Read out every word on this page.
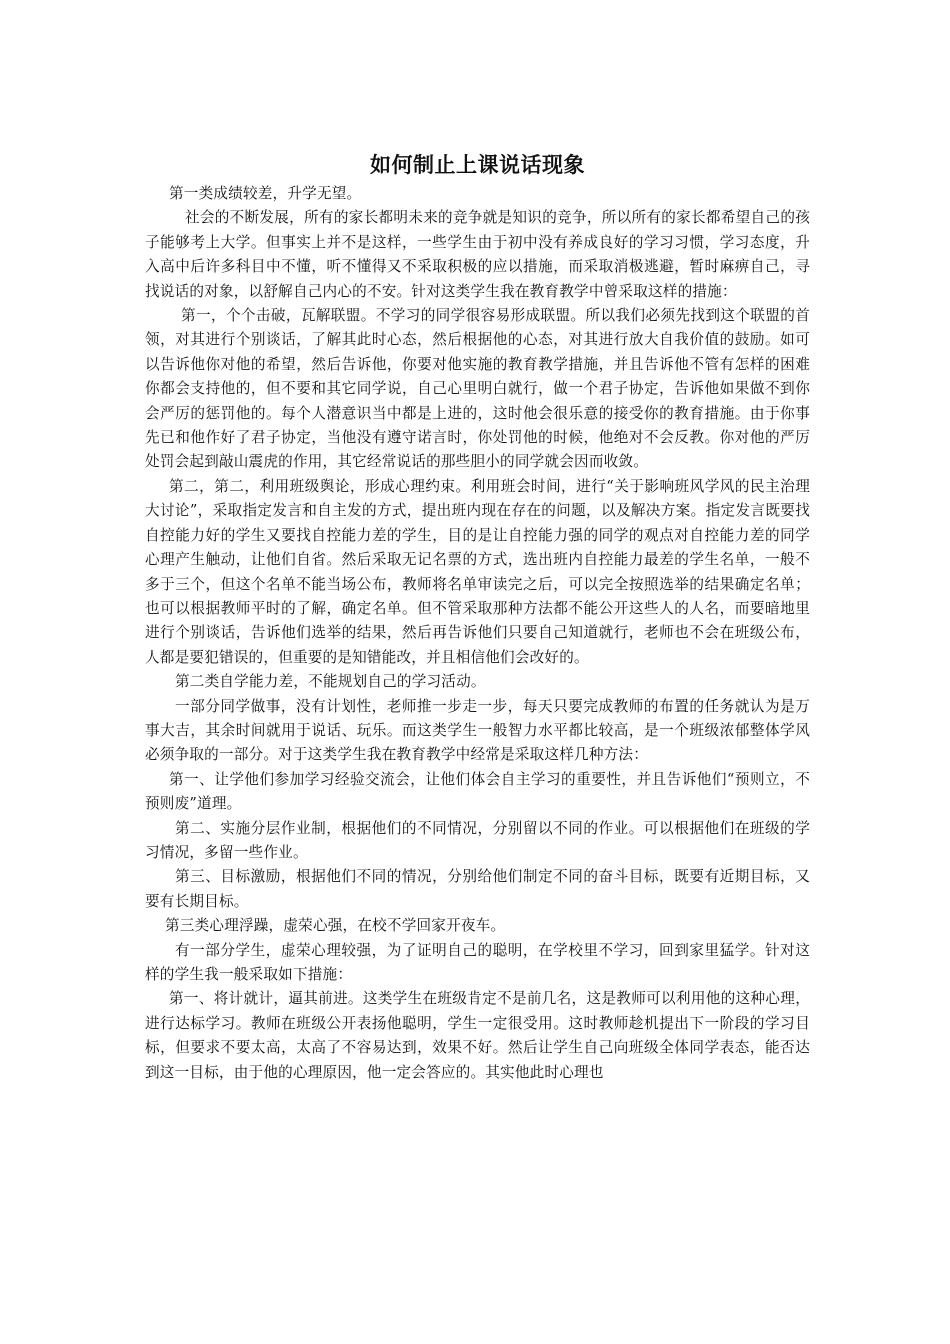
如何制止上课说话现象

第一类成绩较差，升学无望。

社会的不断发展，所有的家长都明未来的竞争就是知识的竞争，所以所有的家长都希望自己的孩子能够考上大学。但事实上并不是这样，一些学生由于初中没有养成良好的学习习惯，学习态度，升入高中后许多科目中不懂，听不懂得又不采取积极的应以措施，而采取消极逃避，暂时麻痹自己，寻找说话的对象，以舒解自己内心的不安。针对这类学生我在教育教学中曾采取这样的措施：

第一，个个击破，瓦解联盟。不学习的同学很容易形成联盟。所以我们必须先找到这个联盟的首领，对其进行个别谈话，了解其此时心态，然后根据他的心态，对其进行放大自我价值的鼓励。如可以告诉他你对他的希望，然后告诉他，你要对他实施的教育教学措施，并且告诉他不管有怎样的困难你都会支持他的，但不要和其它同学说，自己心里明白就行，做一个君子协定，告诉他如果做不到你会严厉的惩罚他的。每个人潜意识当中都是上进的，这时他会很乐意的接受你的教育措施。由于你事先已和他作好了君子协定，当他没有遵守诺言时，你处罚他的时候，他绝对不会反教。你对他的严厉处罚会起到敲山震虎的作用，其它经常说话的那些胆小的同学就会因而收敛。

第二，第二，利用班级舆论，形成心理约束。利用班会时间，进行“关于影响班风学风的民主治理大讨论”，采取指定发言和自主发的方式，提出班内现在存在的问题，以及解决方案。指定发言既要找自控能力好的学生又要找自控能力差的学生，目的是让自控能力强的同学的观点对自控能力差的同学心理产生触动，让他们自省。然后采取无记名票的方式，选出班内自控能力最差的学生名单，一般不多于三个，但这个名单不能当场公布，教师将名单审读完之后，可以完全按照选举的结果确定名单；也可以根据教师平时的了解，确定名单。但不管采取那种方法都不能公开这些人的人名，而要暗地里进行个别谈话，告诉他们选举的结果，然后再告诉他们只要自己知道就行，老师也不会在班级公布，人都是要犯错误的，但重要的是知错能改，并且相信他们会改好的。

第二类自学能力差，不能规划自己的学习活动。

一部分同学做事，没有计划性，老师推一步走一步，每天只要完成教师的布置的任务就认为是万事大吉，其余时间就用于说话、玩乐。而这类学生一般智力水平都比较高，是一个班级浓郁整体学风必须争取的一部分。对于这类学生我在教育教学中经常是采取这样几种方法：

第一、让学他们参加学习经验交流会，让他们体会自主学习的重要性，并且告诉他们“预则立，不预则废”道理。

第二、实施分层作业制，根据他们的不同情况，分别留以不同的作业。可以根据他们在班级的学习情况，多留一些作业。

第三、目标激励，根据他们不同的情况，分别给他们制定不同的奋斗目标，既要有近期目标，又要有长期目标。

第三类心理浮躁，虚荣心强，在校不学回家开夜车。

有一部分学生，虚荣心理较强，为了证明自己的聪明，在学校里不学习，回到家里猛学。针对这样的学生我一般采取如下措施：

第一、将计就计，逼其前进。这类学生在班级肯定不是前几名，这是教师可以利用他的这种心理，进行达标学习。教师在班级公开表扬他聪明，学生一定很受用。这时教师趁机提出下一阶段的学习目标，但要求不要太高，太高了不容易达到，效果不好。然后让学生自己向班级全体同学表态，能否达到这一目标，由于他的心理原因，他一定会答应的。其实他此时心理也
